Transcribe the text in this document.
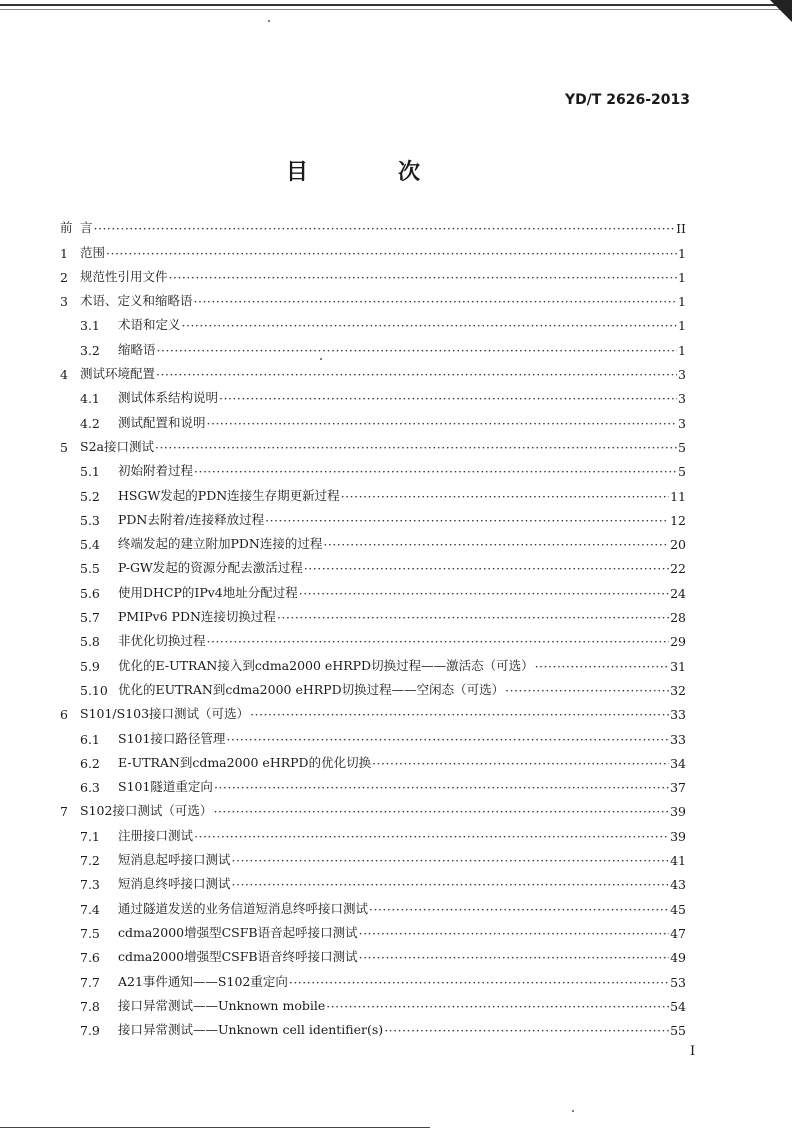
YD/T 2626-2013
目　次
前 言 ·····	II
1 范围 ·····	1
2 规范性引用文件 ·····	1
3 术语、定义和缩略语 ·····	1
3.1	术语和定义 ·····	1
3.2	缩略语 ·····	1
4 测试环境配置 ·····	3
4.1	测试体系结构说明 ·····	3
4.2	测试配置和说明 ·····	3
5 S2a接口测试 ·····	5
5.1	初始附着过程 ·····	5
5.2	HSGW发起的PDN连接生存期更新过程 ·····	11
5.3	PDN去附着/连接释放过程 ·····	12
5.4	终端发起的建立附加PDN连接的过程 ·····	20
5.5	P-GW发起的资源分配去激活过程 ·····	22
5.6	使用DHCP的IPv4地址分配过程 ·····	24
5.7	PMIPv6 PDN连接切换过程 ·····	28
5.8	非优化切换过程 ·····	29
5.9	优化的E-UTRAN接入到cdma2000 eHRPD切换过程——激活态（可选） ·····	31
5.10 优化的EUTRAN到cdma2000 eHRPD切换过程——空闲态（可选） ·····	32
6 S101/S103接口测试（可选） ·····	33
6.1	S101接口路径管理 ·····	33
6.2	E-UTRAN到cdma2000 eHRPD的优化切换 ·····	34
6.3	S101隧道重定向 ·····	37
7 S102接口测试（可选） ·····	39
7.1	注册接口测试 ·····	39
7.2	短消息起呼接口测试 ·····	41
7.3	短消息终呼接口测试 ·····	43
7.4	通过隧道发送的业务信道短消息终呼接口测试 ·····	45
7.5	cdma2000增强型CSFB语音起呼接口测试 ·····	47
7.6	cdma2000增强型CSFB语音终呼接口测试 ·····	49
7.7	A21事件通知——S102重定向 ·····	53
7.8	接口异常测试——Unknown mobile ·····	54
7.9	接口异常测试——Unknown cell identifier(s) ·····	55
I
